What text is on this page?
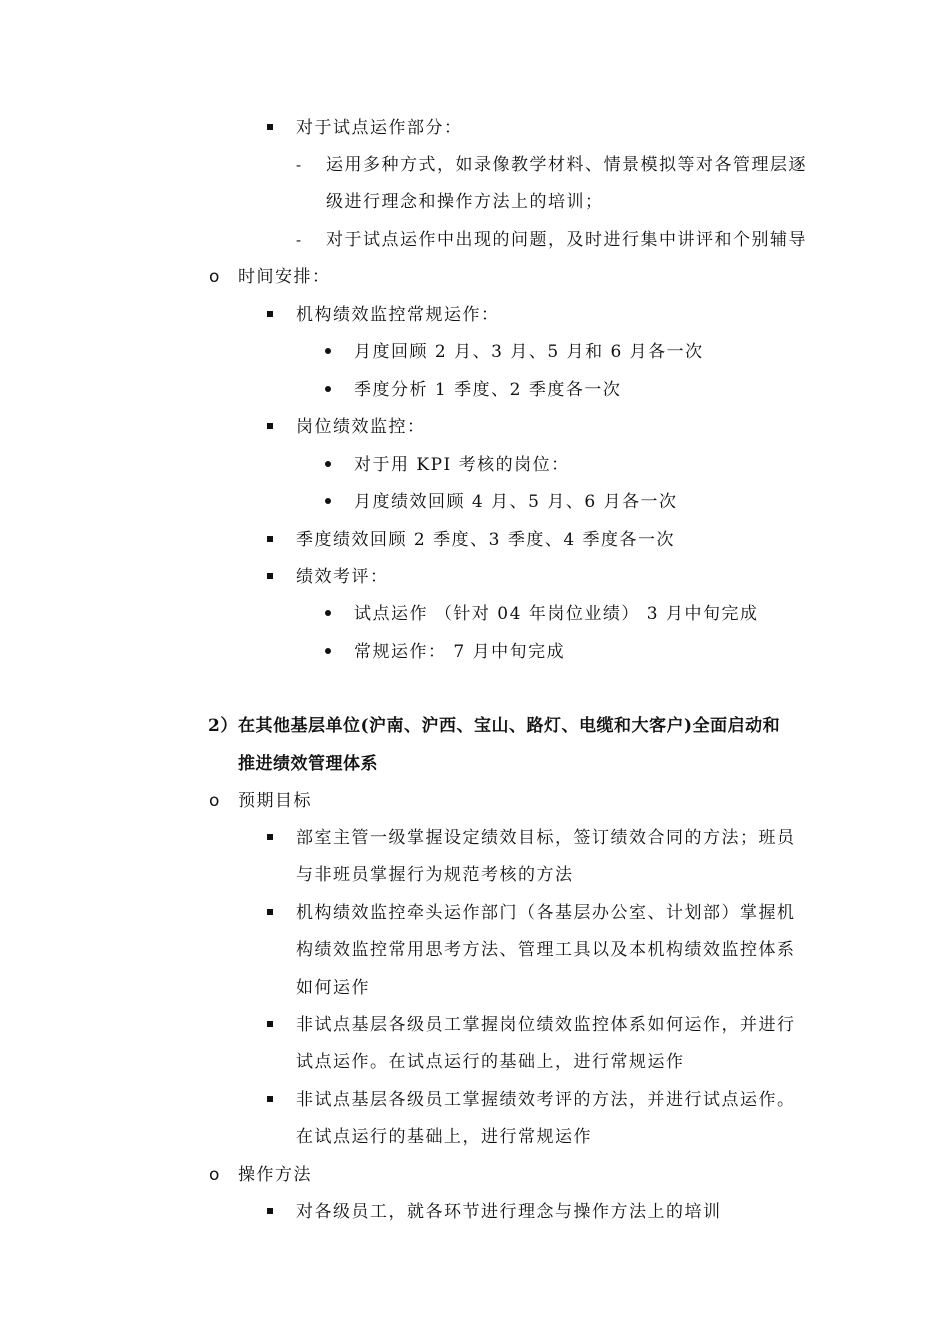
对于试点运作部分：
- 运用多种方式，如录像教学材料、情景模拟等对各管理层逐
级进行理念和操作方法上的培训；
- 对于试点运作中出现的问题，及时进行集中讲评和个别辅导
o 时间安排：
机构绩效监控常规运作：
月度回顾 2 月、3 月、5 月和 6 月各一次
季度分析 1 季度、2 季度各一次
岗位绩效监控：
对于用 KPI 考核的岗位：
月度绩效回顾 4 月、5 月、6 月各一次
季度绩效回顾 2 季度、3 季度、4 季度各一次
绩效考评：
试点运作 （针对 04 年岗位业绩） 3 月中旬完成
常规运作： 7 月中旬完成
2） 在其他基层单位(沪南、沪西、宝山、路灯、电缆和大客户)全面启动和
推进绩效管理体系
o 预期目标
部室主管一级掌握设定绩效目标，签订绩效合同的方法；班员
与非班员掌握行为规范考核的方法
机构绩效监控牵头运作部门（各基层办公室、计划部）掌握机
构绩效监控常用思考方法、管理工具以及本机构绩效监控体系
如何运作
非试点基层各级员工掌握岗位绩效监控体系如何运作，并进行
试点运作。在试点运行的基础上，进行常规运作
非试点基层各级员工掌握绩效考评的方法，并进行试点运作。
在试点运行的基础上，进行常规运作
o 操作方法
对各级员工，就各环节进行理念与操作方法上的培训
